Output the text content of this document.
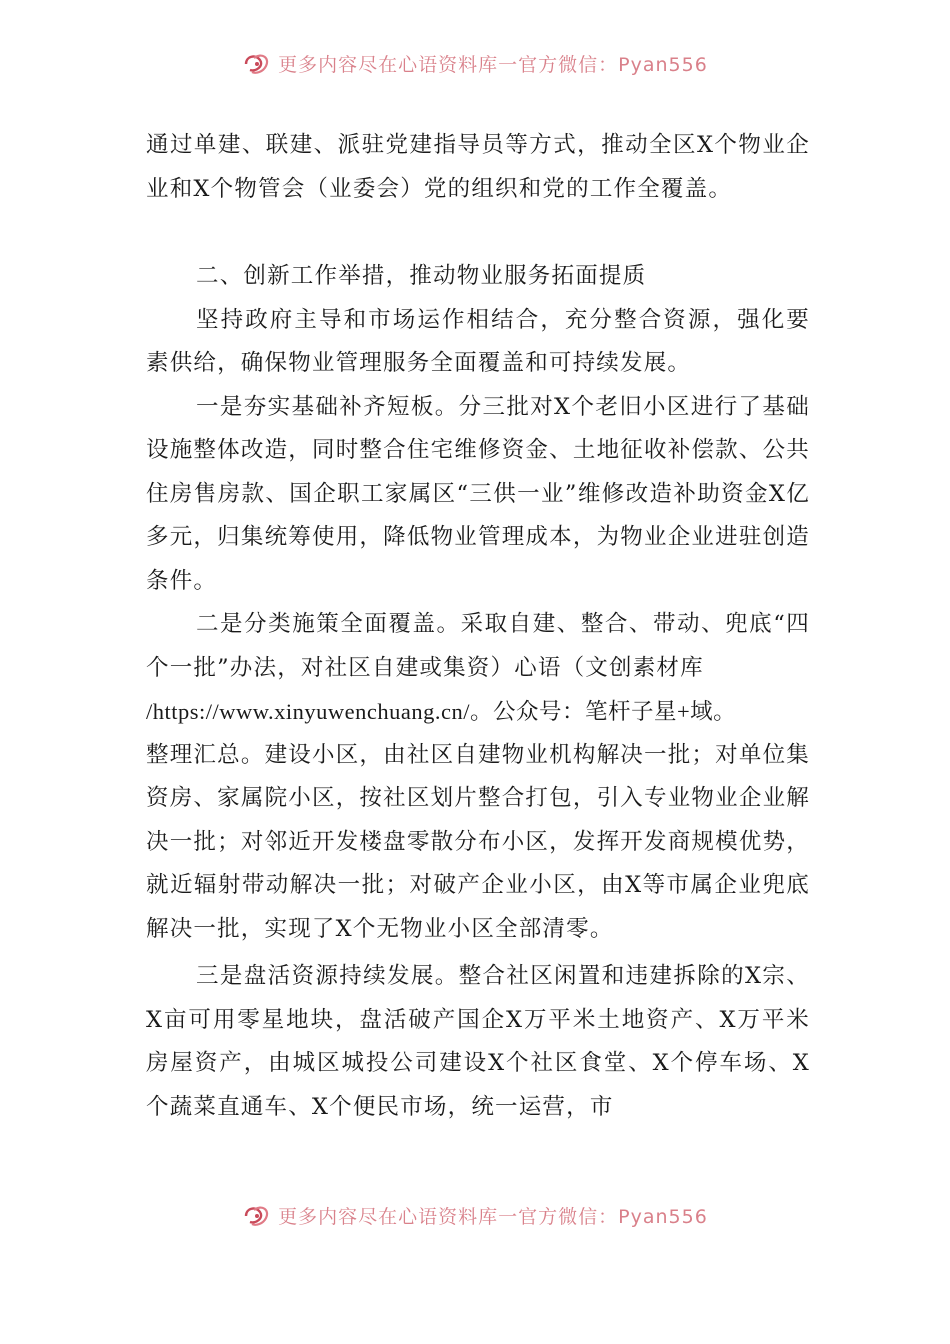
更多内容尽在心语资料库一官方微信：Pyan556

通过单建、联建、派驻党建指导员等方式，推动全区X个物业企业和X个物管会（业委会）党的组织和党的工作全覆盖。

二、创新工作举措，推动物业服务拓面提质

坚持政府主导和市场运作相结合，充分整合资源，强化要素供给，确保物业管理服务全面覆盖和可持续发展。

一是夯实基础补齐短板。分三批对X个老旧小区进行了基础设施整体改造，同时整合住宅维修资金、土地征收补偿款、公共住房售房款、国企职工家属区“三供一业”维修改造补助资金X亿多元，归集统筹使用，降低物业管理成本，为物业企业进驻创造条件。

二是分类施策全面覆盖。采取自建、整合、带动、兜底“四个一批”办法，对社区自建或集资）心语（文创素材库

/https://www.xinyuwenchuang.cn/。公众号：笔杆子星+域。

整理汇总。建设小区，由社区自建物业机构解决一批；对单位集资房、家属院小区，按社区划片整合打包，引入专业物业企业解决一批；对邻近开发楼盘零散分布小区，发挥开发商规模优势，就近辐射带动解决一批；对破产企业小区，由X等市属企业兜底解决一批，实现了X个无物业小区全部清零。

三是盘活资源持续发展。整合社区闲置和违建拆除的X宗、X亩可用零星地块，盘活破产国企X万平米土地资产、X万平米房屋资产，由城区城投公司建设X个社区食堂、X个停车场、X个蔬菜直通车、X个便民市场，统一运营，市

更多内容尽在心语资料库一官方微信：Pyan556
